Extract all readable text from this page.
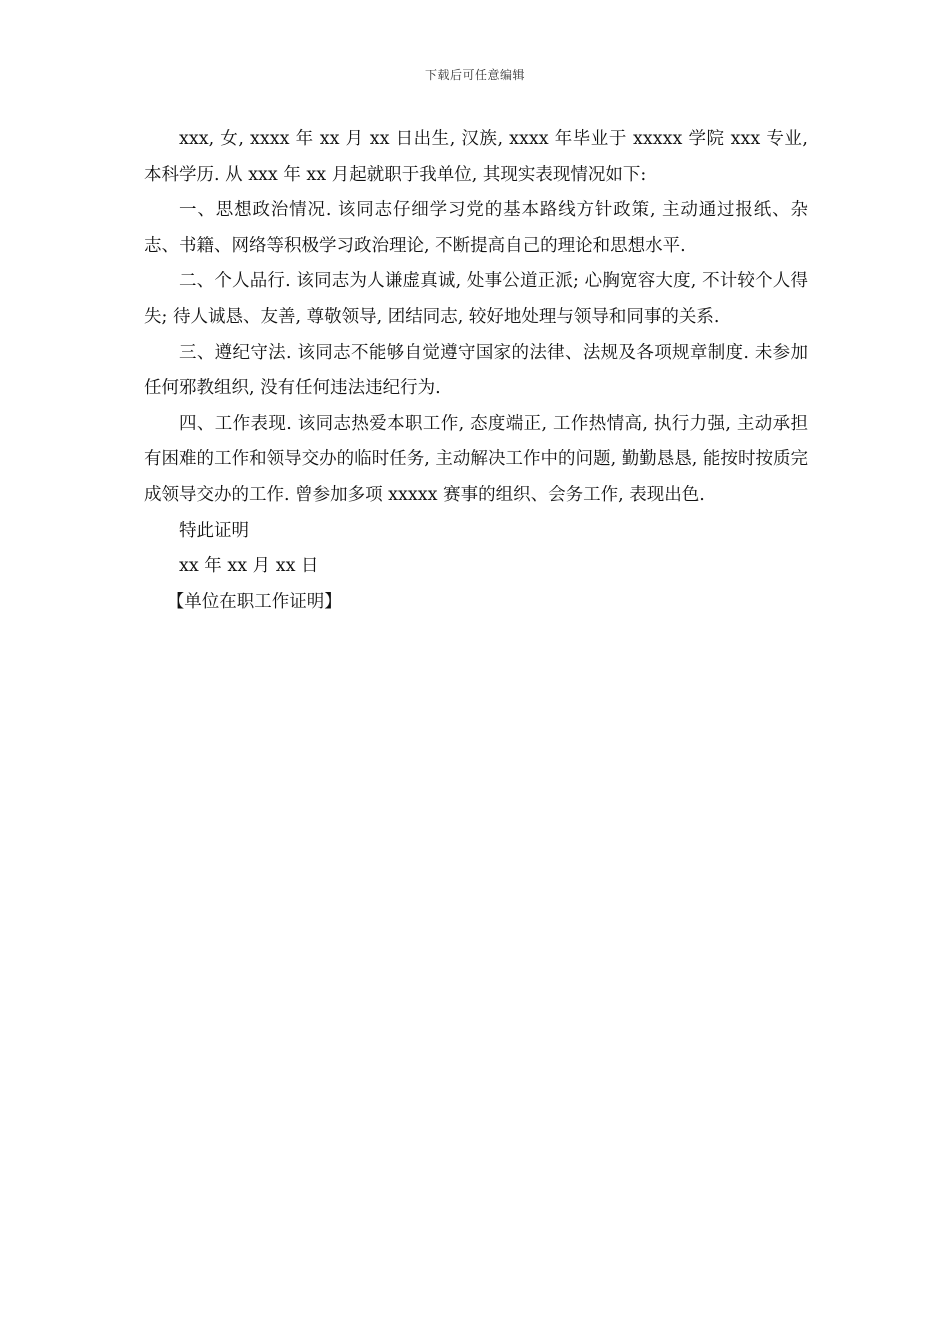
下载后可任意编辑

xxx, 女, xxxx 年 xx 月 xx 日出生, 汉族, xxxx 年毕业于 xxxxx 学院 xxx 专业, 本科学历. 从 xxx 年 xx 月起就职于我单位, 其现实表现情况如下:

一、思想政治情况. 该同志仔细学习党的基本路线方针政策, 主动通过报纸、杂志、书籍、网络等积极学习政治理论, 不断提高自己的理论和思想水平.

二、个人品行. 该同志为人谦虚真诚, 处事公道正派; 心胸宽容大度, 不计较个人得失; 待人诚恳、友善, 尊敬领导, 团结同志, 较好地处理与领导和同事的关系.

三、遵纪守法. 该同志不能够自觉遵守国家的法律、法规及各项规章制度. 未参加任何邪教组织, 没有任何违法违纪行为.

四、工作表现. 该同志热爱本职工作, 态度端正, 工作热情高, 执行力强, 主动承担有困难的工作和领导交办的临时任务, 主动解决工作中的问题, 勤勤恳恳, 能按时按质完成领导交办的工作. 曾参加多项 xxxxx 赛事的组织、会务工作, 表现出色.

特此证明

xx 年 xx 月 xx 日

【单位在职工作证明】
